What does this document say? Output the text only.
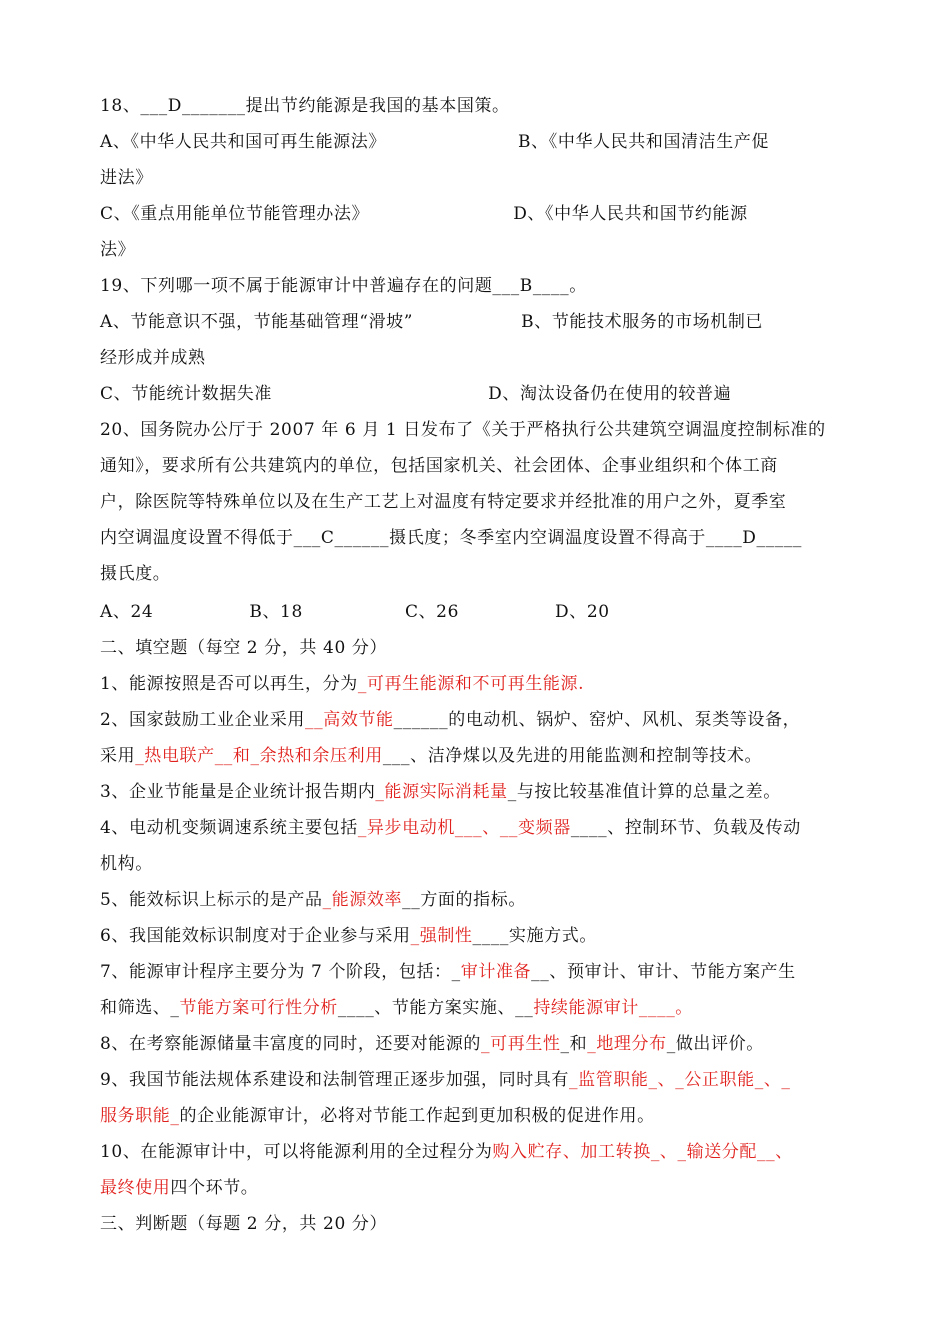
18、___D_______提出节约能源是我国的基本国策。
A、《中华人民共和国可再生能源法》                      B、《中华人民共和国清洁生产促
进法》
C、《重点用能单位节能管理办法》                        D、《中华人民共和国节约能源
法》
19、下列哪一项不属于能源审计中普遍存在的问题___B____。
A、节能意识不强，节能基础管理“滑坡”                  B、节能技术服务的市场机制已
经形成并成熟
C、节能统计数据失准                                    D、淘汰设备仍在使用的较普遍
20、国务院办公厅于 2007 年 6 月 1 日发布了《关于严格执行公共建筑空调温度控制标准的
通知》，要求所有公共建筑内的单位，包括国家机关、社会团体、企事业组织和个体工商
户，除医院等特殊单位以及在生产工艺上对温度有特定要求并经批准的用户之外，夏季室
内空调温度设置不得低于___C______摄氏度；冬季室内空调温度设置不得高于____D_____
摄氏度。
A、24                B、18                 C、26                D、20
二、填空题（每空 2 分，共 40 分）
1、能源按照是否可以再生，分为_可再生能源和不可再生能源.
2、国家鼓励工业企业采用__高效节能______的电动机、锅炉、窑炉、风机、泵类等设备，
采用_热电联产__和_余热和余压利用___、洁净煤以及先进的用能监测和控制等技术。
3、企业节能量是企业统计报告期内_能源实际消耗量_与按比较基准值计算的总量之差。
4、电动机变频调速系统主要包括_异步电动机___、__变频器____、控制环节、负载及传动
机构。
5、能效标识上标示的是产品_能源效率__方面的指标。
6、我国能效标识制度对于企业参与采用_强制性____实施方式。
7、能源审计程序主要分为 7 个阶段，包括：_审计准备__、预审计、审计、节能方案产生
和筛选、_节能方案可行性分析____、节能方案实施、__持续能源审计____。
8、在考察能源储量丰富度的同时，还要对能源的_可再生性_和_地理分布_做出评价。
9、我国节能法规体系建设和法制管理正逐步加强，同时具有_监管职能_、_公正职能_、_
服务职能_的企业能源审计，必将对节能工作起到更加积极的促进作用。
10、在能源审计中，可以将能源利用的全过程分为购入贮存、加工转换_、_输送分配__、
最终使用四个环节。
三、判断题（每题 2 分，共 20 分）
